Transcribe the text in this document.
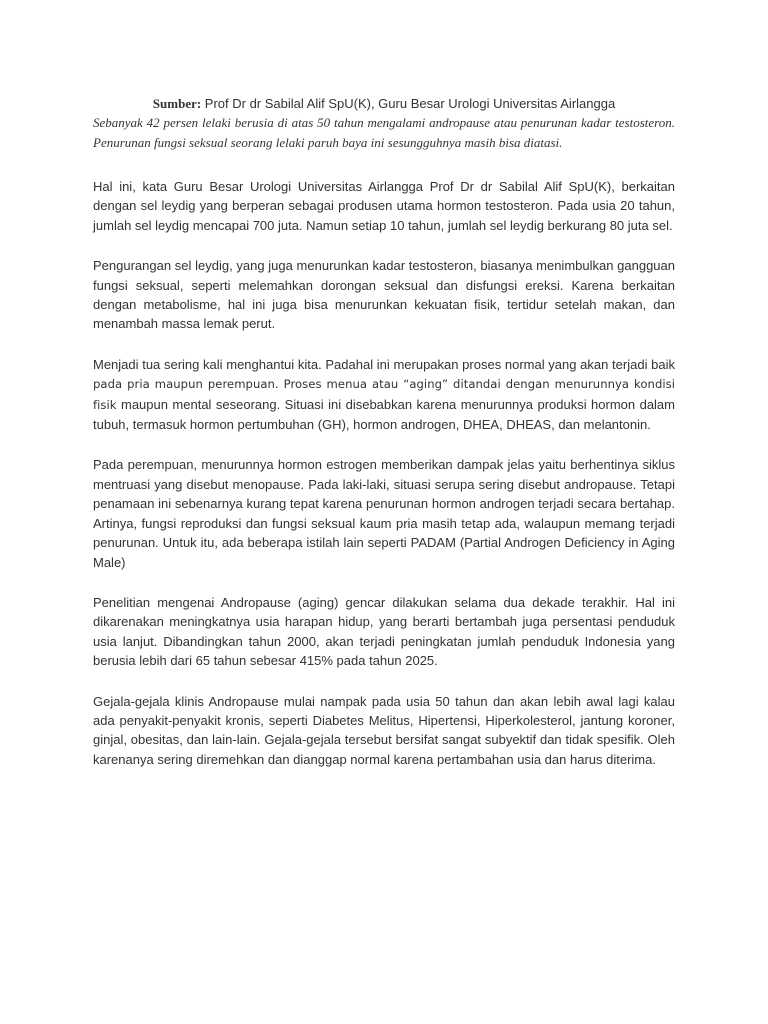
Sumber: Prof Dr dr Sabilal Alif SpU(K), Guru Besar Urologi Universitas Airlangga

Sebanyak 42 persen lelaki berusia di atas 50 tahun mengalami andropause atau penurunan kadar testosteron. Penurunan fungsi seksual seorang lelaki paruh baya ini sesungguhnya masih bisa diatasi.

Hal ini, kata Guru Besar Urologi Universitas Airlangga Prof Dr dr Sabilal Alif SpU(K), berkaitan dengan sel leydig yang berperan sebagai produsen utama hormon testosteron. Pada usia 20 tahun, jumlah sel leydig mencapai 700 juta. Namun setiap 10 tahun, jumlah sel leydig berkurang 80 juta sel.

Pengurangan sel leydig, yang juga menurunkan kadar testosteron, biasanya menimbulkan gangguan fungsi seksual, seperti melemahkan dorongan seksual dan disfungsi ereksi. Karena berkaitan dengan metabolisme, hal ini juga bisa menurunkan kekuatan fisik, tertidur setelah makan, dan menambah massa lemak perut.

Menjadi tua sering kali menghantui kita. Padahal ini merupakan proses normal yang akan terjadi baik pada pria maupun perempuan. Proses menua atau “aging” ditandai dengan menurunnya kondisi fisik maupun mental seseorang. Situasi ini disebabkan karena menurunnya produksi hormon dalam tubuh, termasuk hormon pertumbuhan (GH), hormon androgen, DHEA, DHEAS, dan melantonin.

Pada perempuan, menurunnya hormon estrogen memberikan dampak jelas yaitu berhentinya siklus mentruasi yang disebut menopause. Pada laki-laki, situasi serupa sering disebut andropause. Tetapi penamaan ini sebenarnya kurang tepat karena penurunan hormon androgen terjadi secara bertahap. Artinya, fungsi reproduksi dan fungsi seksual kaum pria masih tetap ada, walaupun memang terjadi penurunan. Untuk itu, ada beberapa istilah lain seperti PADAM (Partial Androgen Deficiency in Aging Male)

Penelitian mengenai Andropause (aging) gencar dilakukan selama dua dekade terakhir. Hal ini dikarenakan meningkatnya usia harapan hidup, yang berarti bertambah juga persentasi penduduk usia lanjut. Dibandingkan tahun 2000, akan terjadi peningkatan jumlah penduduk Indonesia yang berusia lebih dari 65 tahun sebesar 415% pada tahun 2025.

Gejala-gejala klinis Andropause mulai nampak pada usia 50 tahun dan akan lebih awal lagi kalau ada penyakit-penyakit kronis, seperti Diabetes Melitus, Hipertensi, Hiperkolesterol, jantung koroner, ginjal, obesitas, dan lain-lain. Gejala-gejala tersebut bersifat sangat subyektif dan tidak spesifik. Oleh karenanya sering diremehkan dan dianggap normal karena pertambahan usia dan harus diterima.
